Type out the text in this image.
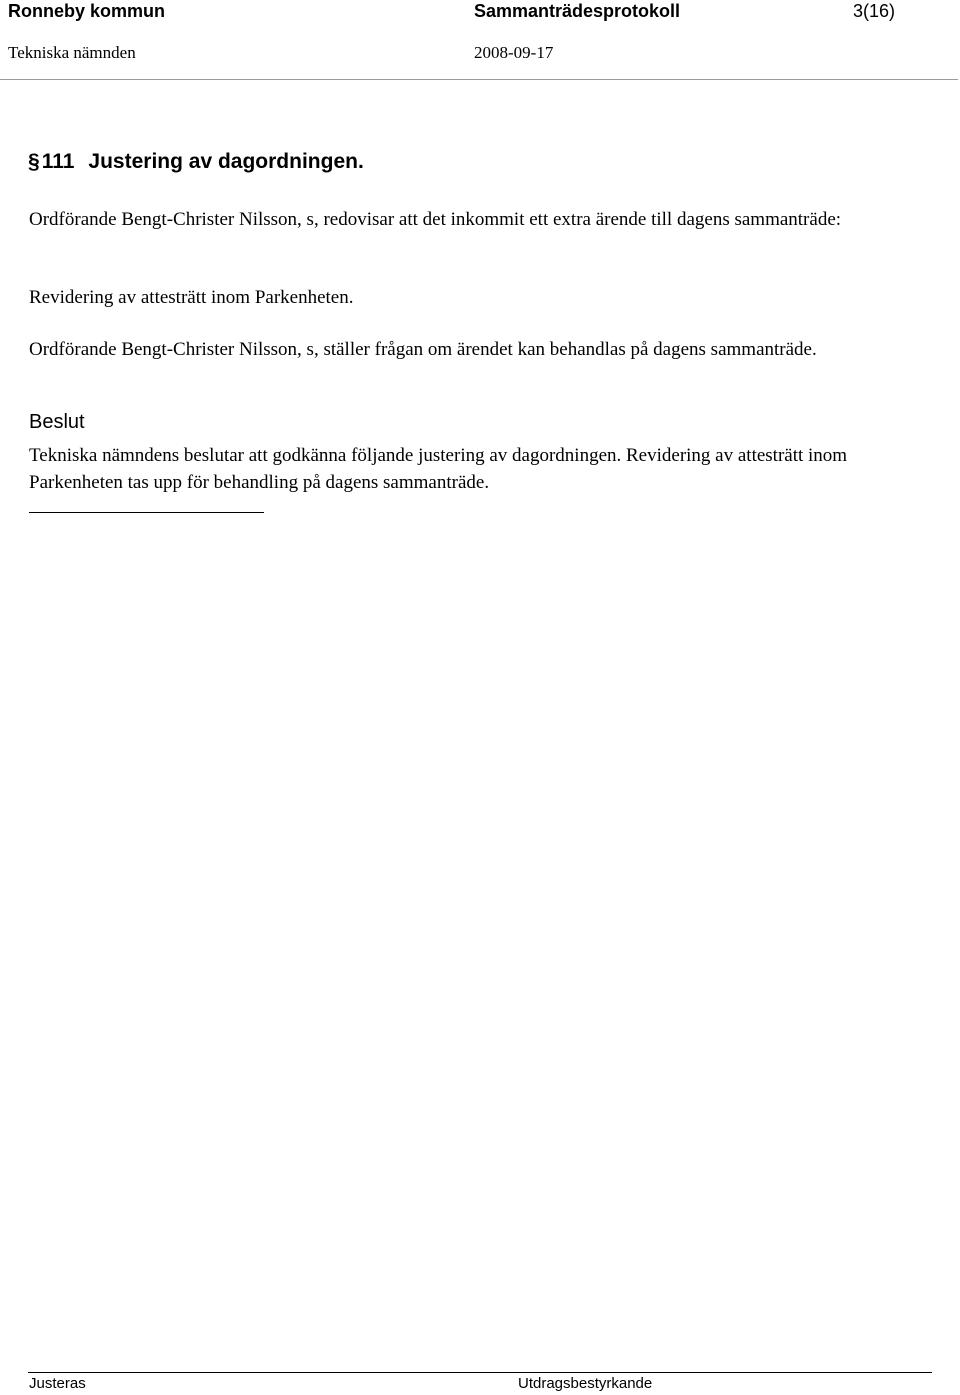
Ronneby kommun	Sammanträdesprotokoll	3(16)
Tekniska nämnden	2008-09-17
§111 Justering av dagordningen.
Ordförande Bengt-Christer Nilsson, s, redovisar att det inkommit ett extra ärende till dagens sammanträde:
Revidering av attesträtt inom Parkenheten.
Ordförande Bengt-Christer Nilsson, s, ställer frågan om ärendet kan behandlas på dagens sammanträde.
Beslut
Tekniska nämndens beslutar att godkänna följande justering av dagordningen. Revidering av attesträtt inom Parkenheten tas upp för behandling på dagens sammanträde.
Justeras	Utdragsbestyrkande
